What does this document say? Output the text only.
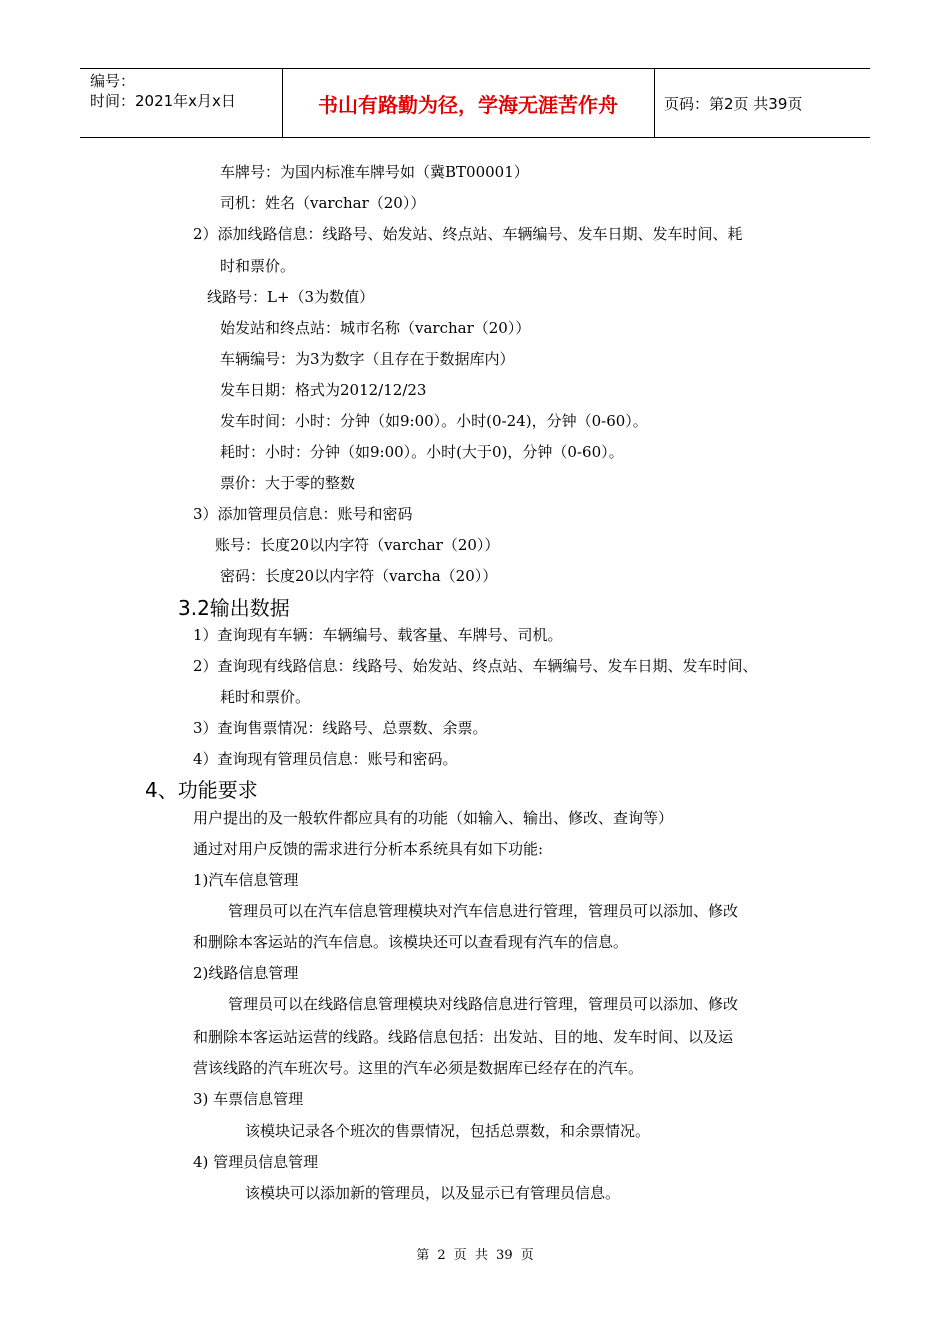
编号：
时间：2021年x月x日	书山有路勤为径，学海无涯苦作舟	页码：第2页 共39页
车牌号：为国内标准车牌号如（冀BT00001）
司机：姓名（varchar（20））
2）添加线路信息：线路号、始发站、终点站、车辆编号、发车日期、发车时间、耗
时和票价。
线路号：L+（3为数值）
始发站和终点站：城市名称（varchar（20））
车辆编号：为3为数字（且存在于数据库内）
发车日期：格式为2012/12/23
发车时间：小时：分钟（如9:00）。小时(0-24)，分钟（0-60）。
耗时：小时：分钟（如9:00）。小时(大于0)，分钟（0-60）。
票价：大于零的整数
3）添加管理员信息：账号和密码
账号：长度20以内字符（varchar（20））
密码：长度20以内字符（varcha（20））
3.2输出数据
1）查询现有车辆：车辆编号、载客量、车牌号、司机。
2）查询现有线路信息：线路号、始发站、终点站、车辆编号、发车日期、发车时间、
耗时和票价。
3）查询售票情况：线路号、总票数、余票。
4）查询现有管理员信息：账号和密码。
4、功能要求
用户提出的及一般软件都应具有的功能（如输入、输出、修改、查询等）
通过对用户反馈的需求进行分析本系统具有如下功能:
1)汽车信息管理
管理员可以在汽车信息管理模块对汽车信息进行管理，管理员可以添加、修改
和删除本客运站的汽车信息。该模块还可以查看现有汽车的信息。
2)线路信息管理
管理员可以在线路信息管理模块对线路信息进行管理，管理员可以添加、修改
和删除本客运站运营的线路。线路信息包括：出发站、目的地、发车时间、以及运
营该线路的汽车班次号。这里的汽车必须是数据库已经存在的汽车。
3) 车票信息管理
该模块记录各个班次的售票情况，包括总票数，和余票情况。
4) 管理员信息管理
该模块可以添加新的管理员，以及显示已有管理员信息。
第 2 页 共 39 页
